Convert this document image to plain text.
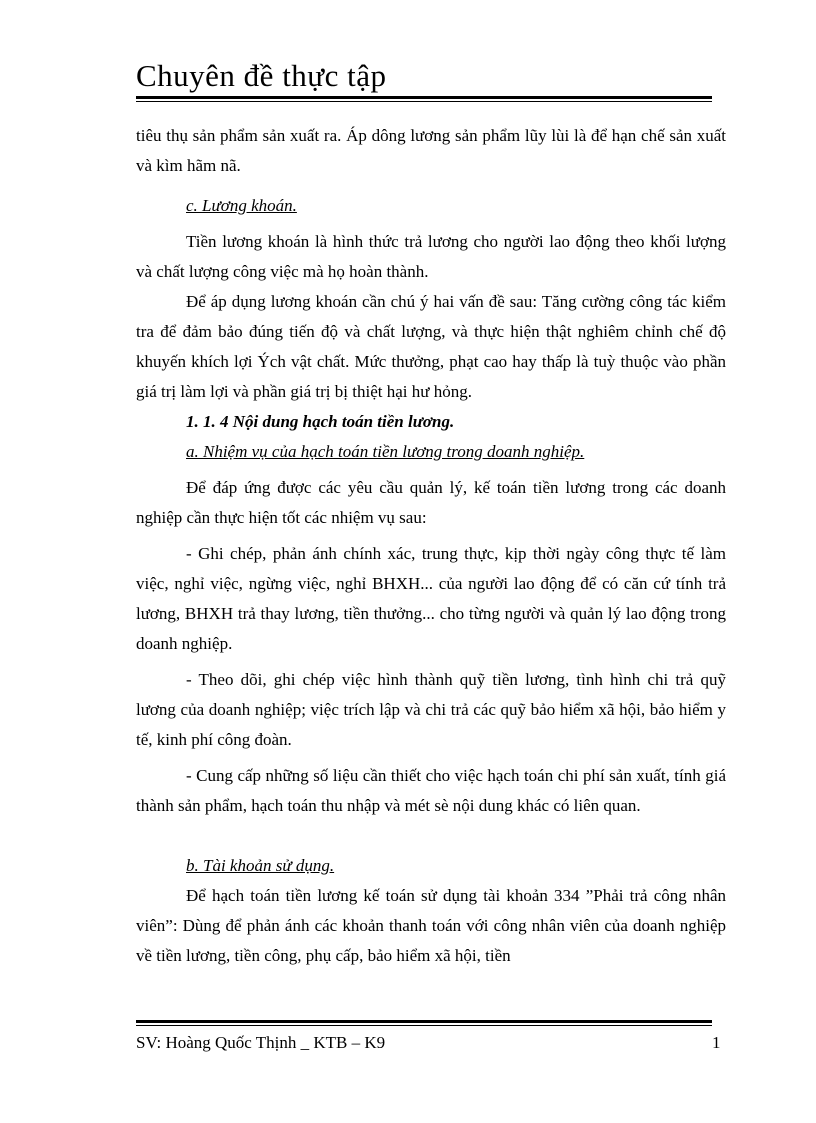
Chuyên đề thực tập

tiêu thụ sản phẩm sản xuất ra. Áp dông lương sản phẩm lũy lùi là để hạn chế sản xuất và kìm hãm nã.

c. Lương khoán.

Tiền lương khoán là hình thức trả lương cho người lao động theo khối lượng và chất lượng công việc mà họ hoàn thành.

Để áp dụng lương khoán cần chú ý hai vấn đề sau: Tăng cường công tác kiểm tra để đảm bảo đúng tiến độ và chất lượng, và thực hiện thật nghiêm chỉnh chế độ khuyến khích lợi Ých vật chất. Mức thưởng, phạt cao hay thấp là tuỳ thuộc vào phần giá trị làm lợi và phần giá trị bị thiệt hại hư hỏng.

1. 1. 4 Nội dung hạch toán tiền lương.

a. Nhiệm vụ của hạch toán tiền lương trong doanh nghiệp.

Để đáp ứng được các yêu cầu quản lý, kế toán tiền lương trong các doanh nghiệp cần thực hiện tốt các nhiệm vụ sau:

- Ghi chép, phản ánh chính xác, trung thực, kịp thời ngày công thực tế làm việc, nghỉ việc, ngừng việc, nghỉ BHXH... của người lao động để có căn cứ tính trả lương, BHXH trả thay lương, tiền thưởng... cho từng người và quản lý lao động trong doanh nghiệp.

- Theo dõi, ghi chép việc hình thành quỹ tiền lương, tình hình chi trả quỹ lương của doanh nghiệp; việc trích lập và chi trả các quỹ bảo hiểm xã hội, bảo hiểm y tế, kinh phí công đoàn.

- Cung cấp những số liệu cần thiết cho việc hạch toán chi phí sản xuất, tính giá thành sản phẩm, hạch toán thu nhập và mét sè nội dung khác có liên quan.

b. Tài khoản sử dụng.

Để hạch toán tiền lương kế toán sử dụng tài khoản 334 ”Phải trả công nhân viên”: Dùng để phản ánh các khoản thanh toán với công nhân viên của doanh nghiệp về tiền lương, tiền công, phụ cấp, bảo hiểm xã hội, tiền

SV: Hoàng Quốc Thịnh _ KTB – K9	1
